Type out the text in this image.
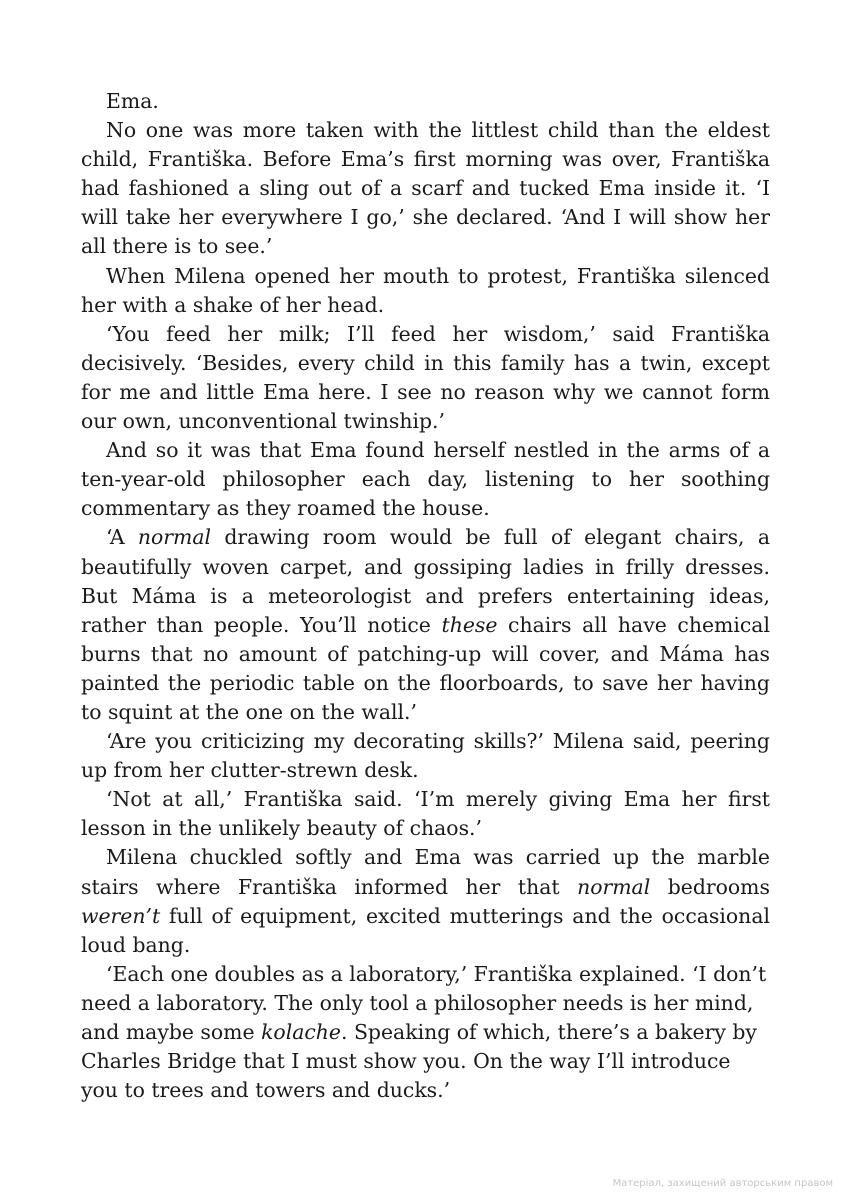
Ema.

No one was more taken with the littlest child than the eldest child, Františka. Before Ema’s first morning was over, Františka had fashioned a sling out of a scarf and tucked Ema inside it. ‘I will take her everywhere I go,’ she declared. ‘And I will show her all there is to see.’

When Milena opened her mouth to protest, Františka silenced her with a shake of her head.

‘You feed her milk; I’ll feed her wisdom,’ said Františka decisively. ‘Besides, every child in this family has a twin, except for me and little Ema here. I see no reason why we cannot form our own, unconventional twinship.’

And so it was that Ema found herself nestled in the arms of a ten-year-old philosopher each day, listening to her soothing commentary as they roamed the house.

‘A normal drawing room would be full of elegant chairs, a beautifully woven carpet, and gossiping ladies in frilly dresses. But Máma is a meteorologist and prefers entertaining ideas, rather than people. You’ll notice these chairs all have chemical burns that no amount of patching-up will cover, and Máma has painted the periodic table on the floorboards, to save her having to squint at the one on the wall.’

‘Are you criticizing my decorating skills?’ Milena said, peering up from her clutter-strewn desk.

‘Not at all,’ Františka said. ‘I’m merely giving Ema her first lesson in the unlikely beauty of chaos.’

Milena chuckled softly and Ema was carried up the marble stairs where Františka informed her that normal bedrooms weren’t full of equipment, excited mutterings and the occasional loud bang.

‘Each one doubles as a laboratory,’ Františka explained. ‘I don’t need a laboratory. The only tool a philosopher needs is her mind, and maybe some kolache. Speaking of which, there’s a bakery by Charles Bridge that I must show you. On the way I’ll introduce you to trees and towers and ducks.’

Матеріал, захищений авторським правом
